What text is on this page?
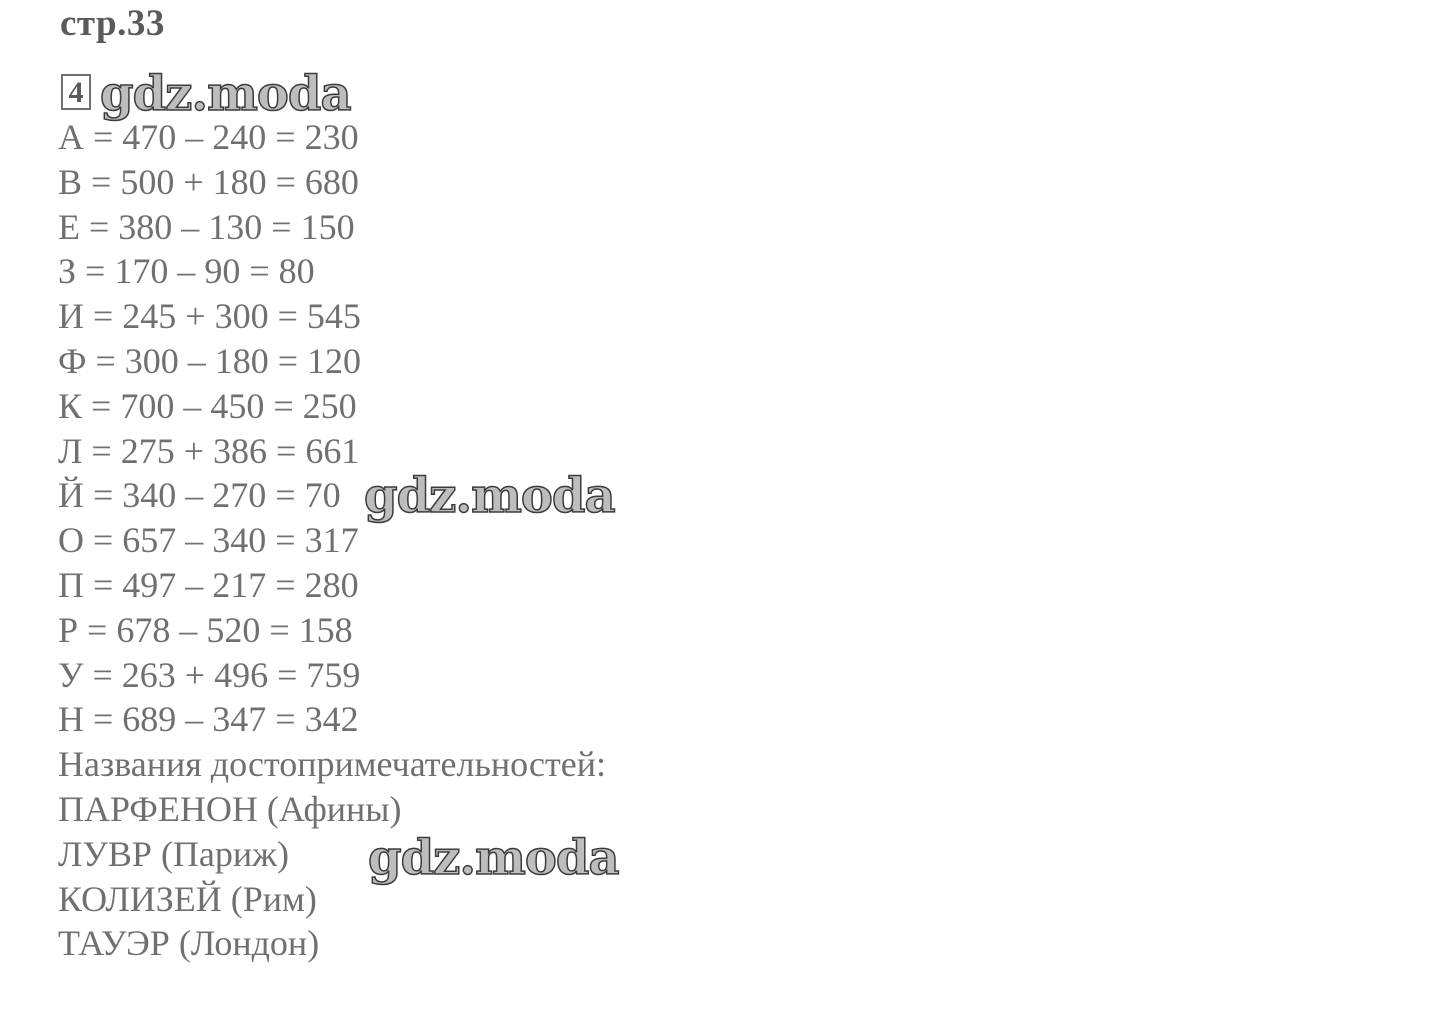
стр.33
4
А = 470 – 240 = 230
В = 500 + 180 = 680
Е = 380 – 130 = 150
З = 170 – 90 = 80
И = 245 + 300 = 545
Ф = 300 – 180 = 120
К = 700 – 450 = 250
Л = 275 + 386 = 661
Й = 340 – 270 = 70
О = 657 – 340 = 317
П = 497 – 217 = 280
Р = 678 – 520 = 158
У = 263 + 496 = 759
Н = 689 – 347 = 342
Названия достопримечательностей:
ПАРФЕНОН (Афины)
ЛУВР (Париж)
КОЛИЗЕЙ (Рим)
ТАУЭР (Лондон)
gdz.moda
gdz.moda
gdz.moda
